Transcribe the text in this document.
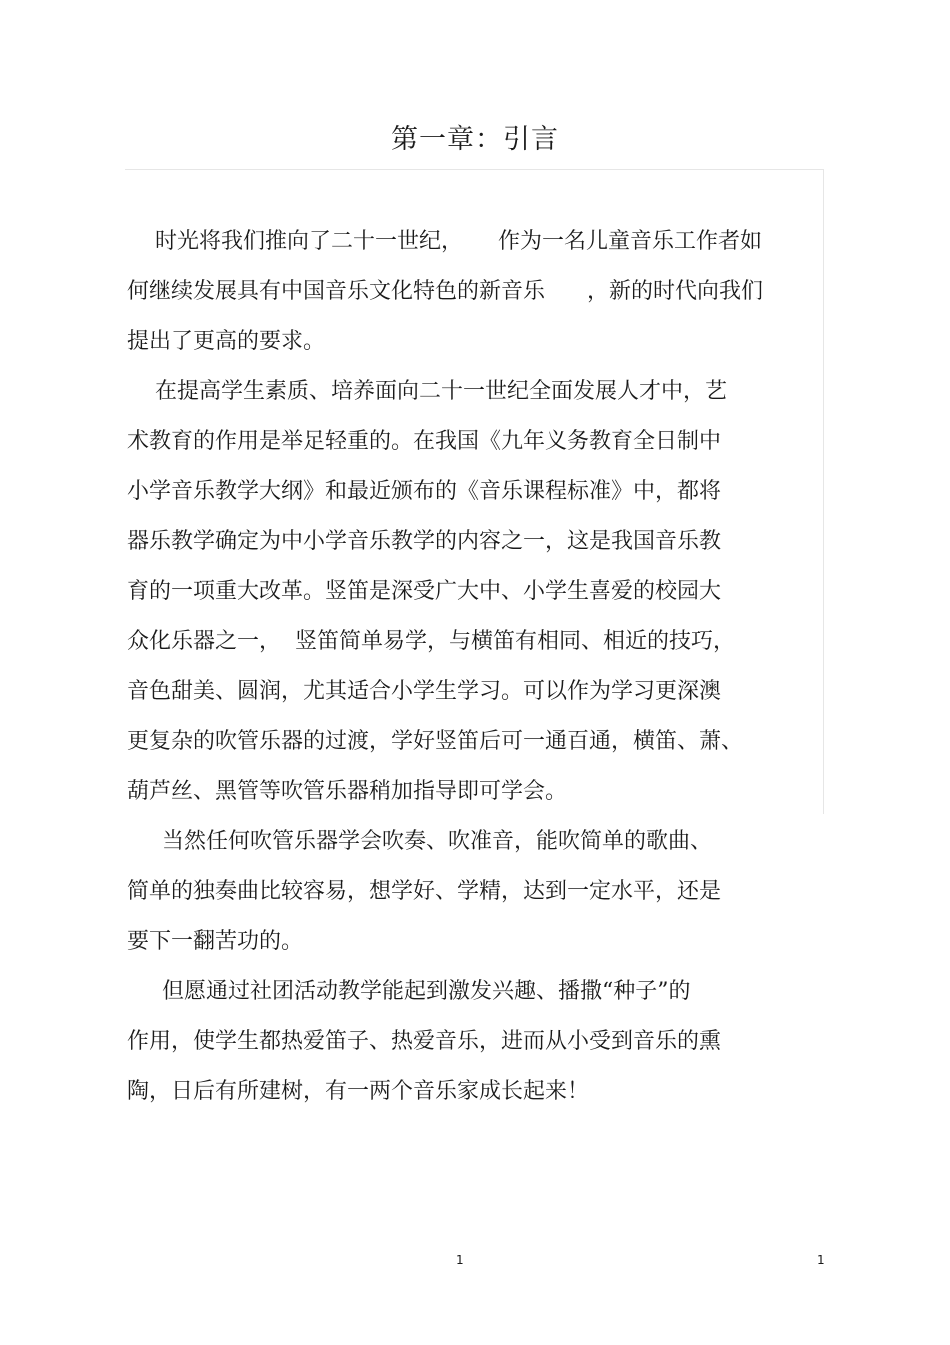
第一章：引言
时光将我们推向了二十一世纪，     作为一名儿童音乐工作者如
何继续发展具有中国音乐文化特色的新音乐      ，新的时代向我们
提出了更高的要求。
在提高学生素质、培养面向二十一世纪全面发展人才中，艺
术教育的作用是举足轻重的。在我国《九年义务教育全日制中
小学音乐教学大纲》和最近颁布的《音乐课程标准》中，都将
器乐教学确定为中小学音乐教学的内容之一，这是我国音乐教
育的一项重大改革。竖笛是深受广大中、小学生喜爱的校园大
众化乐器之一，  竖笛简单易学，与横笛有相同、相近的技巧，
音色甜美、圆润，尤其适合小学生学习。可以作为学习更深澳
更复杂的吹管乐器的过渡，学好竖笛后可一通百通，横笛、萧、
葫芦丝、黑管等吹管乐器稍加指导即可学会。
当然任何吹管乐器学会吹奏、吹准音，能吹简单的歌曲、
简单的独奏曲比较容易，想学好、学精，达到一定水平，还是
要下一翻苦功的。
但愿通过社团活动教学能起到激发兴趣、播撒“种子”的
作用，使学生都热爱笛子、热爱音乐，进而从小受到音乐的熏
陶，日后有所建树，有一两个音乐家成长起来！
1	1
